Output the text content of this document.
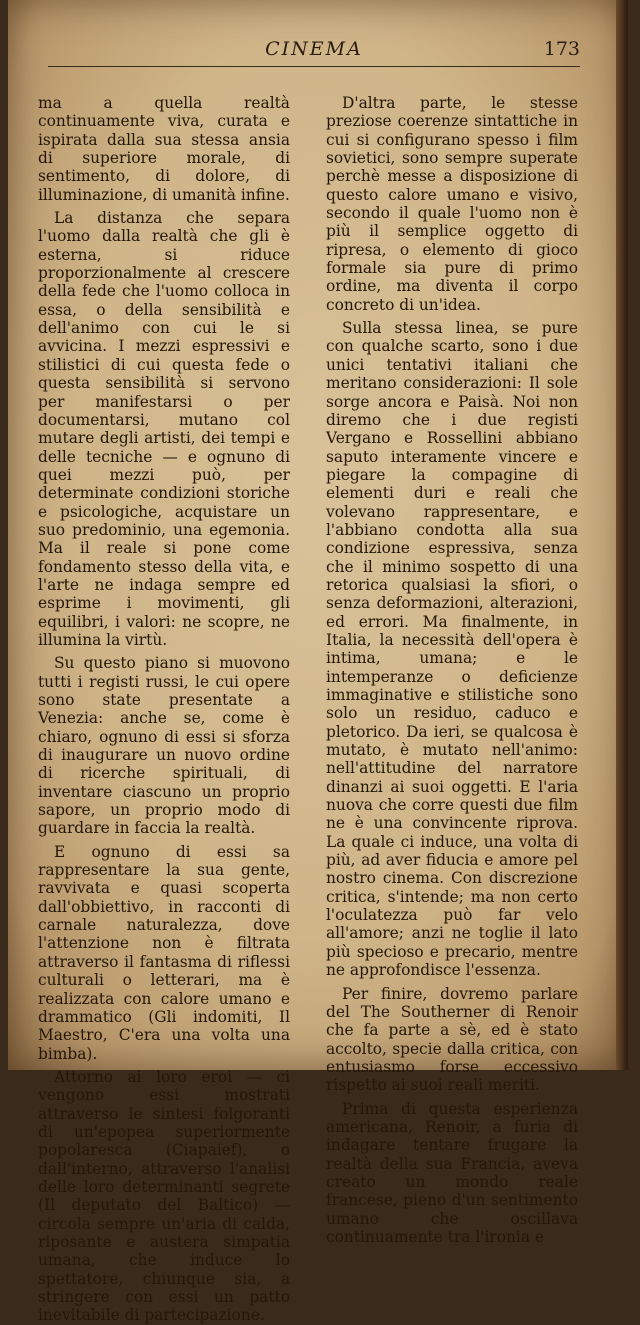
CINEMA	173

ma a quella realtà continuamente viva, curata e ispirata dalla sua stessa ansia di superiore morale, di sentimento, di dolore, di illuminazione, di umanità infine.

La distanza che separa l'uomo dalla realtà che gli è esterna, si riduce proporzionalmente al crescere della fede che l'uomo colloca in essa, o della sensibilità e dell'animo con cui le si avvicina. I mezzi espressivi e stilistici di cui questa fede o questa sensibilità si servono per manifestarsi o per documentarsi, mutano col mutare degli artisti, dei tempi e delle tecniche — e ognuno di quei mezzi può, per determinate condizioni storiche e psicologiche, acquistare un suo predominio, una egemonia. Ma il reale si pone come fondamento stesso della vita, e l'arte ne indaga sempre ed esprime i movimenti, gli equilibri, i valori: ne scopre, ne illumina la virtù.

Su questo piano si muovono tutti i registi russi, le cui opere sono state presentate a Venezia: anche se, come è chiaro, ognuno di essi si sforza di inaugurare un nuovo ordine di ricerche spirituali, di inventare ciascuno un proprio sapore, un proprio modo di guardare in faccia la realtà.

E ognuno di essi sa rappresentare la sua gente, ravvivata e quasi scoperta dall'obbiettivo, in racconti di carnale naturalezza, dove l'attenzione non è filtrata attraverso il fantasma di riflessi culturali o letterari, ma è realizzata con calore umano e drammatico (Gli indomiti, Il Maestro, C'era una volta una bimba).

Attorno ai loro eroi — ci vengono essi mostrati attraverso le sintesi folgoranti di un'epopea superiormente popolaresca (Ciapaief), o dall'interno, attraverso l'analisi delle loro determinanti segrete (Il deputato del Baltico) — circola sempre un'aria di calda, riposante e austera simpatia umana, che induce lo spettatore, chiunque sia, a stringere con essi un patto inevitabile di partecipazione.

D'altra parte, le stesse preziose coerenze sintattiche in cui si configurano spesso i film sovietici, sono sempre superate perchè messe a disposizione di questo calore umano e visivo, secondo il quale l'uomo non è più il semplice oggetto di ripresa, o elemento di gioco formale sia pure di primo ordine, ma diventa il corpo concreto di un'idea.

Sulla stessa linea, se pure con qualche scarto, sono i due unici tentativi italiani che meritano considerazioni: Il sole sorge ancora e Paisà. Noi non diremo che i due registi Vergano e Rossellini abbiano saputo interamente vincere e piegare la compagine di elementi duri e reali che volevano rappresentare, e l'abbiano condotta alla sua condizione espressiva, senza che il minimo sospetto di una retorica qualsiasi la sfiori, o senza deformazioni, alterazioni, ed errori. Ma finalmente, in Italia, la necessità dell'opera è intima, umana; e le intemperanze o deficienze immaginative e stilistiche sono solo un residuo, caduco e pletorico. Da ieri, se qualcosa è mutato, è mutato nell'animo: nell'attitudine del narratore dinanzi ai suoi oggetti. E l'aria nuova che corre questi due film ne è una convincente riprova. La quale ci induce, una volta di più, ad aver fiducia e amore pel nostro cinema. Con discrezione critica, s'intende; ma non certo l'oculatezza può far velo all'amore; anzi ne toglie il lato più specioso e precario, mentre ne approfondisce l'essenza.

Per finire, dovremo parlare del The Southerner di Renoir che fa parte a sè, ed è stato accolto, specie dalla critica, con entusiasmo forse eccessivo rispetto ai suoi reali meriti.

Prima di questa esperienza americana, Renoir, a furia di indagare tentare frugare la realtà della sua Francia, aveva creato un mondo reale francese, pieno d'un sentimento umano che oscillava continuamente tra l'ironia e
